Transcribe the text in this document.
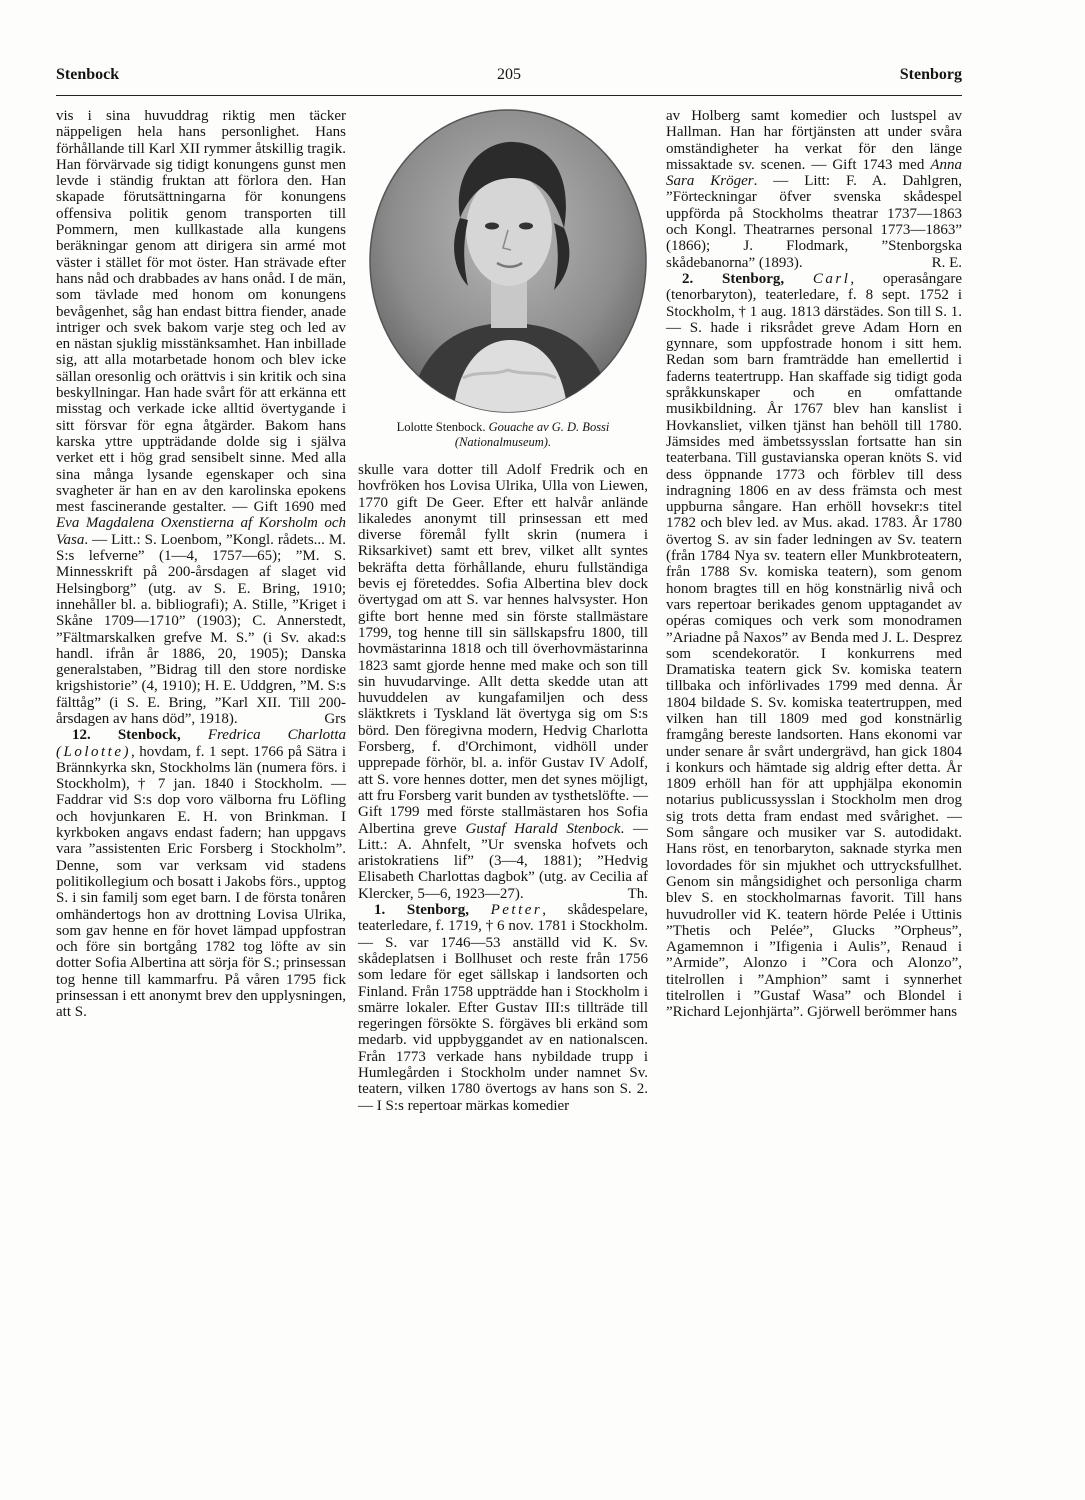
205
Stenbock	Stenborg

vis i sina huvuddrag riktig men täcker näppeligen hela hans personlighet. Hans förhållande till Karl XII rymmer åtskillig tragik. Han förvärvade sig tidigt konungens gunst men levde i ständig fruktan att förlora den. Han skapade förutsättningarna för konungens offensiva politik genom transporten till Pommern, men kullkastade alla kungens beräkningar genom att dirigera sin armé mot väster i stället för mot öster. Han strävade efter hans nåd och drabbades av hans onåd. I de män, som tävlade med honom om konungens bevågenhet, såg han endast bittra fiender, anade intriger och svek bakom varje steg och led av en nästan sjuklig misstänksamhet. Han inbillade sig, att alla motarbetade honom och blev icke sällan oresonlig och orättvis i sin kritik och sina beskyllningar. Han hade svårt för att erkänna ett misstag och verkade icke alltid övertygande i sitt försvar för egna åtgärder. Bakom hans karska yttre uppträdande dolde sig i själva verket ett i hög grad sensibelt sinne. Med alla sina många lysande egenskaper och sina svagheter är han en av den karolinska epokens mest fascinerande gestalter. — Gift 1690 med Eva Magdalena Oxenstierna af Korsholm och Vasa. — Litt.: S. Loenbom, ”Kongl. rådets... M. S:s lefverne” (1—4, 1757—65); ”M. S. Minnesskrift på 200-årsdagen af slaget vid Helsingborg” (utg. av S. E. Bring, 1910; innehåller bl. a. bibliografi); A. Stille, ”Kriget i Skåne 1709—1710” (1903); C. Annerstedt, ”Fältmarskalken grefve M. S.” (i Sv. akad:s handl. ifrån år 1886, 20, 1905); Danska generalstaben, ”Bidrag till den store nordiske krigshistorie” (4, 1910); H. E. Uddgren, ”M. S:s fälttåg” (i S. E. Bring, ”Karl XII. Till 200-årsdagen av hans död”, 1918).	Grs

12. Stenbock, Fredrica Charlotta (Lolotte), hovdam, f. 1 sept. 1766 på Sätra i Brännkyrka skn, Stockholms län (numera förs. i Stockholm), † 7 jan. 1840 i Stockholm. — Faddrar vid S:s dop voro välborna fru Löfling och hovjunkaren E. H. von Brinkman. I kyrkboken angavs endast fadern; han uppgavs vara ”assistenten Eric Forsberg i Stockholm”. Denne, som var verksam vid stadens politikollegium och bosatt i Jakobs förs., upptog S. i sin familj som eget barn. I de första tonåren omhändertogs hon av drottning Lovisa Ulrika, som gav henne en för hovet lämpad uppfostran och före sin bortgång 1782 tog löfte av sin dotter Sofia Albertina att sörja för S.; prinsessan tog henne till kammarfru. På våren 1795 fick prinsessan i ett anonymt brev den upplysningen, att S.

Lolotte Stenbock. Gouache av G. D. Bossi (Nationalmuseum).

skulle vara dotter till Adolf Fredrik och en hovfröken hos Lovisa Ulrika, Ulla von Liewen, 1770 gift De Geer. Efter ett halvår anlände likaledes anonymt till prinsessan ett med diverse föremål fyllt skrin (numera i Riksarkivet) samt ett brev, vilket allt syntes bekräfta detta förhållande, ehuru fullständiga bevis ej företeddes. Sofia Albertina blev dock övertygad om att S. var hennes halvsyster. Hon gifte bort henne med sin förste stallmästare 1799, tog henne till sin sällskapsfru 1800, till hovmästarinna 1818 och till överhovmästarinna 1823 samt gjorde henne med make och son till sin huvudarvinge. Allt detta skedde utan att huvuddelen av kungafamiljen och dess släktkrets i Tyskland lät övertyga sig om S:s börd. Den föregivna modern, Hedvig Charlotta Forsberg, f. d'Orchimont, vidhöll under upprepade förhör, bl. a. inför Gustav IV Adolf, att S. vore hennes dotter, men det synes möjligt, att fru Forsberg varit bunden av tysthetslöfte. — Gift 1799 med förste stallmästaren hos Sofia Albertina greve Gustaf Harald Stenbock. — Litt.: A. Ahnfelt, ”Ur svenska hofvets och aristokratiens lif” (3—4, 1881); ”Hedvig Elisabeth Charlottas dagbok” (utg. av Cecilia af Klercker, 5—6, 1923—27).	Th.

1. Stenborg, Petter, skådespelare, teaterledare, f. 1719, † 6 nov. 1781 i Stockholm. — S. var 1746—53 anställd vid K. Sv. skådeplatsen i Bollhuset och reste från 1756 som ledare för eget sällskap i landsorten och Finland. Från 1758 uppträdde han i Stockholm i smärre lokaler. Efter Gustav III:s tillträde till regeringen försökte S. förgäves bli erkänd som medarb. vid uppbyggandet av en nationalscen. Från 1773 verkade hans nybildade trupp i Humlegården i Stockholm under namnet Sv. teatern, vilken 1780 övertogs av hans son S. 2. — I S:s repertoar märkas komedier

av Holberg samt komedier och lustspel av Hallman. Han har förtjänsten att under svåra omständigheter ha verkat för den länge missaktade sv. scenen. — Gift 1743 med Anna Sara Kröger. — Litt: F. A. Dahlgren, ”Förteckningar öfver svenska skådespel uppförda på Stockholms theatrar 1737—1863 och Kongl. Theatrarnes personal 1773—1863” (1866); J. Flodmark, ”Stenborgska skådebanorna” (1893).	R. E.

2. Stenborg, Carl, operasångare (tenorbaryton), teaterledare, f. 8 sept. 1752 i Stockholm, † 1 aug. 1813 därstädes. Son till S. 1. — S. hade i riksrådet greve Adam Horn en gynnare, som uppfostrade honom i sitt hem. Redan som barn framträdde han emellertid i faderns teatertrupp. Han skaffade sig tidigt goda språkkunskaper och en omfattande musikbildning. År 1767 blev han kanslist i Hovkansliet, vilken tjänst han behöll till 1780. Jämsides med ämbetssysslan fortsatte han sin teaterbana. Till gustavianska operan knöts S. vid dess öppnande 1773 och förblev till dess indragning 1806 en av dess främsta och mest uppburna sångare. Han erhöll hovsekr:s titel 1782 och blev led. av Mus. akad. 1783. År 1780 övertog S. av sin fader ledningen av Sv. teatern (från 1784 Nya sv. teatern eller Munkbroteatern, från 1788 Sv. komiska teatern), som genom honom bragtes till en hög konstnärlig nivå och vars repertoar berikades genom upptagandet av opéras comiques och verk som monodramen ”Ariadne på Naxos” av Benda med J. L. Desprez som scendekoratör. I konkurrens med Dramatiska teatern gick Sv. komiska teatern tillbaka och införlivades 1799 med denna. År 1804 bildade S. Sv. komiska teatertruppen, med vilken han till 1809 med god konstnärlig framgång bereste landsorten. Hans ekonomi var under senare år svårt undergrävd, han gick 1804 i konkurs och hämtade sig aldrig efter detta. År 1809 erhöll han för att upphjälpa ekonomin notarius publicussysslan i Stockholm men drog sig trots detta fram endast med svårighet. — Som sångare och musiker var S. autodidakt. Hans röst, en tenorbaryton, saknade styrka men lovordades för sin mjukhet och uttrycksfullhet. Genom sin mångsidighet och personliga charm blev S. en stockholmarnas favorit. Till hans huvudroller vid K. teatern hörde Pelée i Uttinis ”Thetis och Pelée”, Glucks ”Orpheus”, Agamemnon i ”Ifigenia i Aulis”, Renaud i ”Armide”, Alonzo i ”Cora och Alonzo”, titelrollen i ”Amphion” samt i synnerhet titelrollen i ”Gustaf Wasa” och Blondel i ”Richard Lejonhjärta”. Gjörwell berömmer hans
